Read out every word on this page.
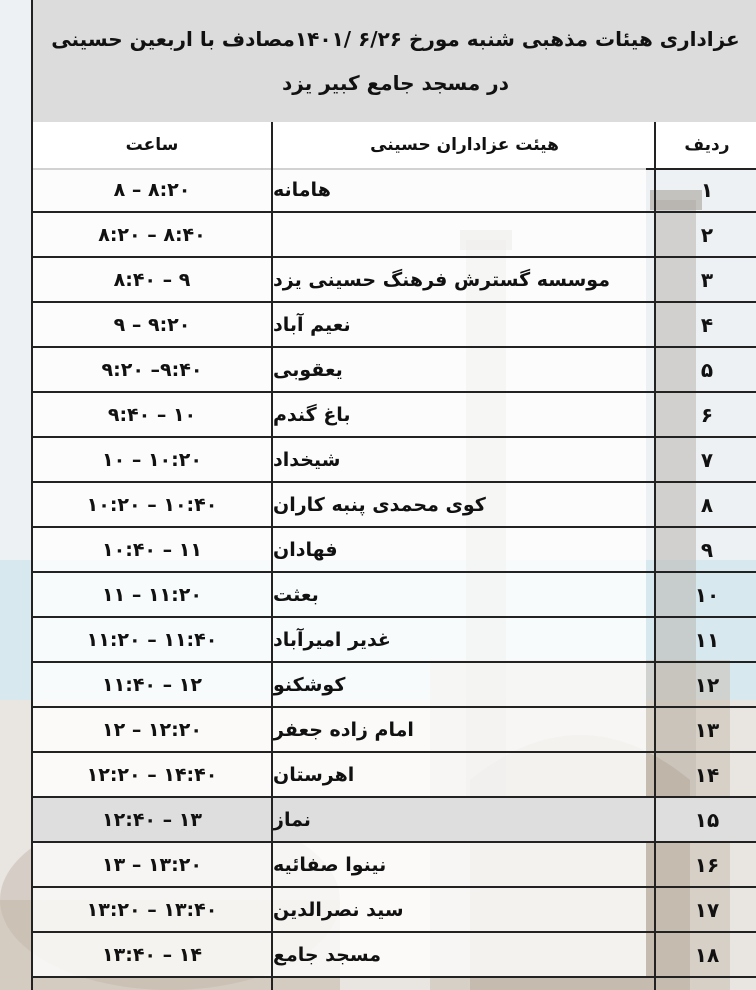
عزاداری هیئات مذهبی شنبه مورخ ۶/۲۶ /۱۴۰۱مصادف با اربعین حسینی
در مسجد جامع کبیر یزد
ردیف
هیئت عزاداران حسینی
ساعت
۱
هامانه
۸ – ۸:۲۰
۲
۸:۲۰ – ۸:۴۰
۳
موسسه گسترش فرهنگ حسینی یزد
۸:۴۰ – ۹
۴
نعیم آباد
۹ – ۹:۲۰
۵
یعقوبی
۹:۲۰ –۹:۴۰
۶
باغ گندم
۹:۴۰ – ۱۰
۷
شیخداد
۱۰ – ۱۰:۲۰
۸
کوی محمدی پنبه کاران
۱۰:۲۰ – ۱۰:۴۰
۹
فهادان
۱۰:۴۰ – ۱۱
۱۰
بعثت
۱۱ – ۱۱:۲۰
۱۱
غدیر امیرآباد
۱۱:۲۰ – ۱۱:۴۰
۱۲
کوشکنو
۱۱:۴۰ – ۱۲
۱۳
امام زاده جعفر
۱۲ – ۱۲:۲۰
۱۴
اهرستان
۱۲:۲۰ – ۱۴:۴۰
۱۵
نماز
۱۲:۴۰ – ۱۳
۱۶
نینوا صفائیه
۱۳ – ۱۳:۲۰
۱۷
سید نصرالدین
۱۳:۲۰ – ۱۳:۴۰
۱۸
مسجد جامع
۱۳:۴۰ – ۱۴
